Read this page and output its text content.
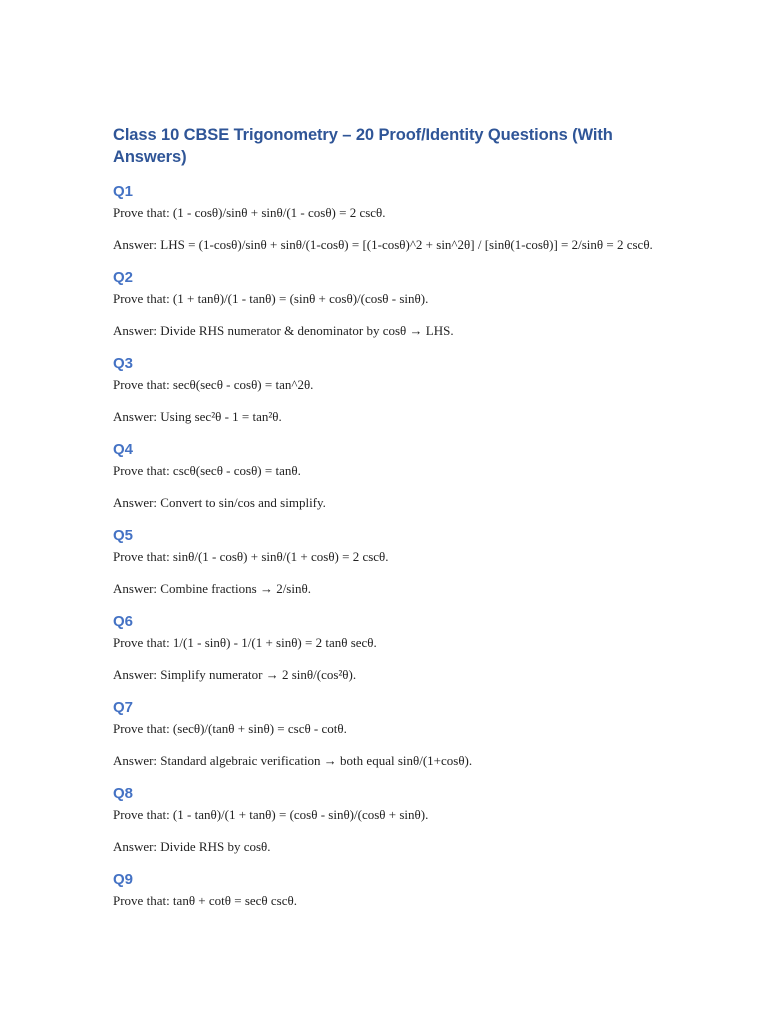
Class 10 CBSE Trigonometry – 20 Proof/Identity Questions (With Answers)
Q1

Prove that: (1 - cosθ)/sinθ + sinθ/(1 - cosθ) = 2 cscθ.

Answer: LHS = (1-cosθ)/sinθ + sinθ/(1-cosθ) = [(1-cosθ)^2 + sin^2θ] / [sinθ(1-cosθ)] = 2/sinθ = 2 cscθ.

Q2

Prove that: (1 + tanθ)/(1 - tanθ) = (sinθ + cosθ)/(cosθ - sinθ).

Answer: Divide RHS numerator & denominator by cosθ → LHS.

Q3

Prove that: secθ(secθ - cosθ) = tan^2θ.

Answer: Using sec²θ - 1 = tan²θ.

Q4

Prove that: cscθ(secθ - cosθ) = tanθ.

Answer: Convert to sin/cos and simplify.

Q5

Prove that: sinθ/(1 - cosθ) + sinθ/(1 + cosθ) = 2 cscθ.

Answer: Combine fractions → 2/sinθ.

Q6

Prove that: 1/(1 - sinθ) - 1/(1 + sinθ) = 2 tanθ secθ.

Answer: Simplify numerator → 2 sinθ/(cos²θ).

Q7

Prove that: (secθ)/(tanθ + sinθ) = cscθ - cotθ.

Answer: Standard algebraic verification → both equal sinθ/(1+cosθ).

Q8

Prove that: (1 - tanθ)/(1 + tanθ) = (cosθ - sinθ)/(cosθ + sinθ).

Answer: Divide RHS by cosθ.

Q9

Prove that: tanθ + cotθ = secθ cscθ.
